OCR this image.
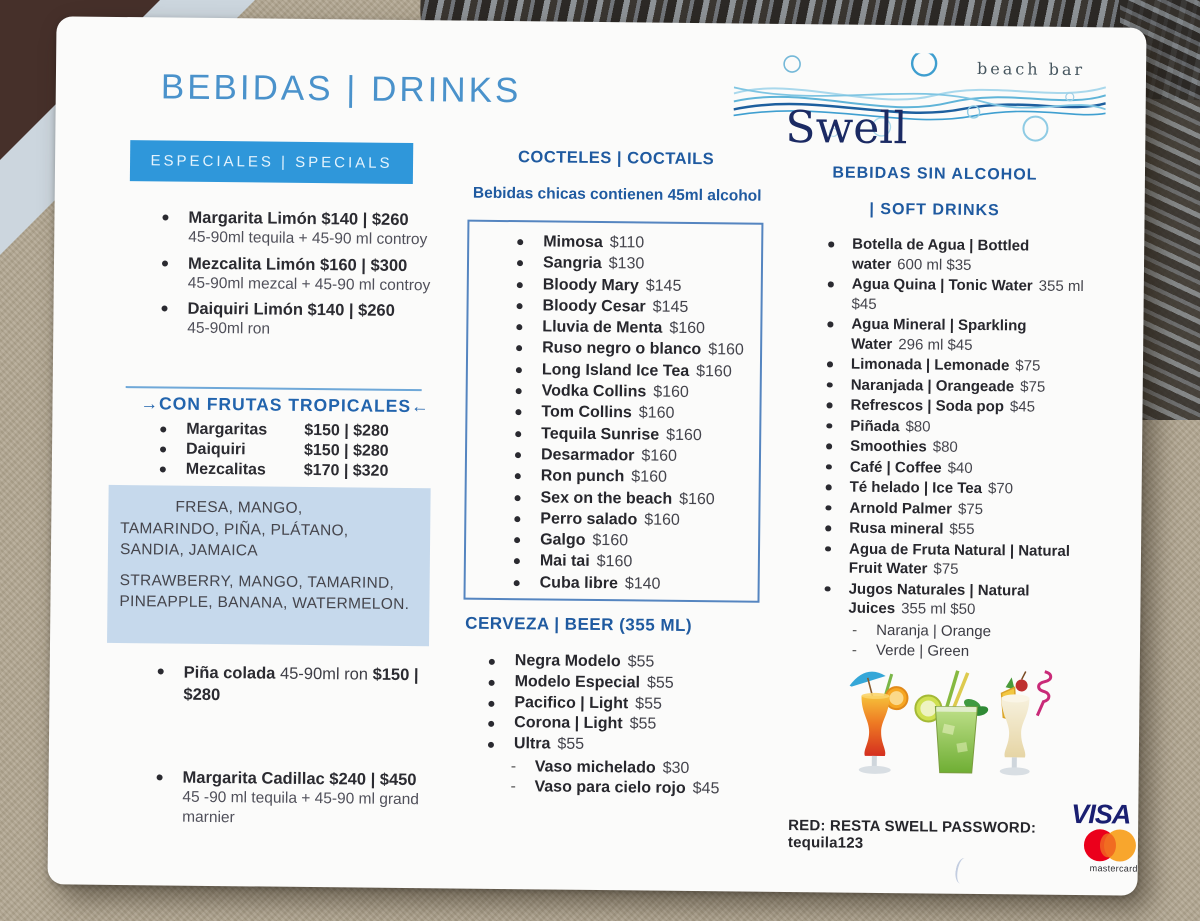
BEBIDAS | DRINKS	beach bar
Swell
ESPECIALES | SPECIALS
Margarita Limón $140 | $260
45-90ml tequila + 45-90 ml controy
Mezcalita Limón $160 | $300
45-90ml mezcal + 45-90 ml controy
Daiquiri Limón $140 | $260
45-90ml ron
→CON FRUTAS TROPICALES←
Margaritas $150 | $280
Daiquiri	$150 | $280
Mezcalitas $170 | $320

FRESA, MANGO, TAMARINDO, PIÑA, PLÁTANO, SANDIA, JAMAICA

STRAWBERRY, MANGO, TAMARIND, PINEAPPLE, BANANA, WATERMELON.

Piña colada 45-90ml ron $150 | $280
Margarita Cadillac $240 | $450
45 -90 ml tequila + 45-90 ml grand marnier
COCTELES | COCTAILS
Bebidas chicas contienen 45ml alcohol
Mimosa $110
Sangria $130
Bloody Mary $145
Bloody Cesar $145
Lluvia de Menta $160
Ruso negro o blanco $160
Long Island Ice Tea $160
Vodka Collins $160
Tom Collins $160
Tequila Sunrise $160
Desarmador $160
Ron punch $160
Sex on the beach $160
Perro salado $160
Galgo $160
Mai tai $160
Cuba libre $140
CERVEZA | BEER (355 ML)
Negra Modelo $55
Modelo Especial $55
Pacifico | Light $55
Corona | Light $55
Ultra $55
- Vaso michelado $30
- Vaso para cielo rojo $45
BEBIDAS SIN ALCOHOL
| SOFT DRINKS
Botella de Agua | Bottled water 600 ml $35
Agua Quina | Tonic Water 355 ml $45
Agua Mineral | Sparkling Water 296 ml $45
Limonada | Lemonade $75
Naranjada | Orangeade $75
Refrescos | Soda pop $45
Piñada $80
Smoothies $80
Café | Coffee $40
Té helado | Ice Tea $70
Arnold Palmer $75
Rusa mineral $55
Agua de Fruta Natural | Natural Fruit Water $75
Jugos Naturales | Natural Juices 355 ml $50
- Naranja | Orange
- Verde | Green
RED: RESTA SWELL PASSWORD: tequila123
VISA
mastercard
